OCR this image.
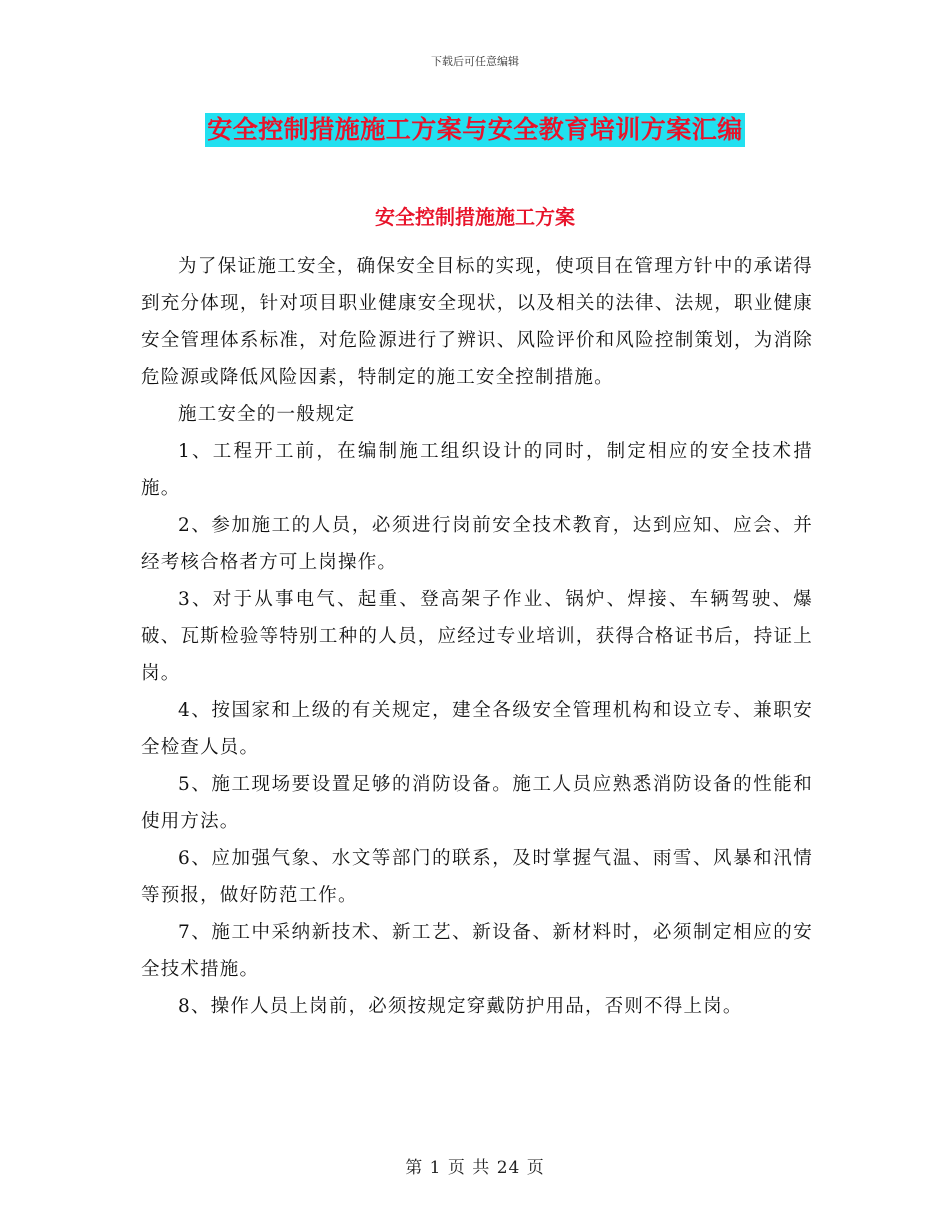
下载后可任意编辑
安全控制措施施工方案与安全教育培训方案汇编
安全控制措施施工方案

为了保证施工安全，确保安全目标的实现，使项目在管理方针中的承诺得到充分体现，针对项目职业健康安全现状，以及相关的法律、法规，职业健康安全管理体系标准，对危险源进行了辨识、风险评价和风险控制策划，为消除危险源或降低风险因素，特制定的施工安全控制措施。

施工安全的一般规定

1、工程开工前，在编制施工组织设计的同时，制定相应的安全技术措施。

2、参加施工的人员，必须进行岗前安全技术教育，达到应知、应会、并经考核合格者方可上岗操作。

3、对于从事电气、起重、登高架子作业、锅炉、焊接、车辆驾驶、爆破、瓦斯检验等特别工种的人员，应经过专业培训，获得合格证书后，持证上岗。

4、按国家和上级的有关规定，建全各级安全管理机构和设立专、兼职安全检查人员。

5、施工现场要设置足够的消防设备。施工人员应熟悉消防设备的性能和使用方法。

6、应加强气象、水文等部门的联系，及时掌握气温、雨雪、风暴和汛情等预报，做好防范工作。

7、施工中采纳新技术、新工艺、新设备、新材料时，必须制定相应的安全技术措施。

8、操作人员上岗前，必须按规定穿戴防护用品，否则不得上岗。

第 1 页 共 24 页
